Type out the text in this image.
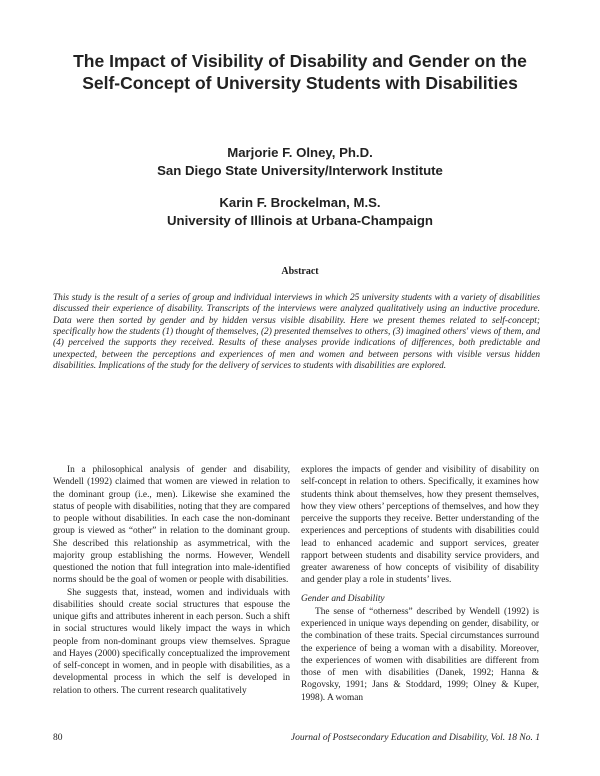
The Impact of Visibility of Disability and Gender on the
Self-Concept of University Students with Disabilities
Marjorie F. Olney, Ph.D.
San Diego State University/Interwork Institute
Karin F. Brockelman, M.S.
University of Illinois at Urbana-Champaign
Abstract
This study is the result of a series of group and individual interviews in which 25 university students with a variety of disabilities discussed their experience of disability. Transcripts of the interviews were analyzed qualitatively using an inductive procedure. Data were then sorted by gender and by hidden versus visible disability. Here we present themes related to self-concept; specifically how the students (1) thought of themselves, (2) presented themselves to others, (3) imagined others' views of them, and (4) perceived the supports they received. Results of these analyses provide indications of differences, both predictable and unexpected, between the perceptions and experiences of men and women and between persons with visible versus hidden disabilities. Implications of the study for the delivery of services to students with disabilities are explored.

In a philosophical analysis of gender and disability, Wendell (1992) claimed that women are viewed in relation to the dominant group (i.e., men). Likewise she examined the status of people with disabilities, noting that they are compared to people without disabilities. In each case the non-dominant group is viewed as “other” in relation to the dominant group. She described this relationship as asymmetrical, with the majority group establishing the norms. However, Wendell questioned the notion that full integration into male-identified norms should be the goal of women or people with disabilities.

She suggests that, instead, women and individuals with disabilities should create social structures that espouse the unique gifts and attributes inherent in each person. Such a shift in social structures would likely impact the ways in which people from non-dominant groups view themselves. Sprague and Hayes (2000) specifically conceptualized the improvement of self-concept in women, and in people with disabilities, as a developmental process in which the self is developed in relation to others. The current research qualitatively

explores the impacts of gender and visibility of disability on self-concept in relation to others. Specifically, it examines how students think about themselves, how they present themselves, how they view others’ perceptions of themselves, and how they perceive the supports they receive. Better understanding of the experiences and perceptions of students with disabilities could lead to enhanced academic and support services, greater rapport between students and disability service providers, and greater awareness of how concepts of visibility of disability and gender play a role in students’ lives.

Gender and Disability

The sense of “otherness” described by Wendell (1992) is experienced in unique ways depending on gender, disability, or the combination of these traits. Special circumstances surround the experience of being a woman with a disability. Moreover, the experiences of women with disabilities are different from those of men with disabilities (Danek, 1992; Hanna & Rogovsky, 1991; Jans & Stoddard, 1999; Olney & Kuper, 1998). A woman

80	Journal of Postsecondary Education and Disability, Vol. 18 No. 1
